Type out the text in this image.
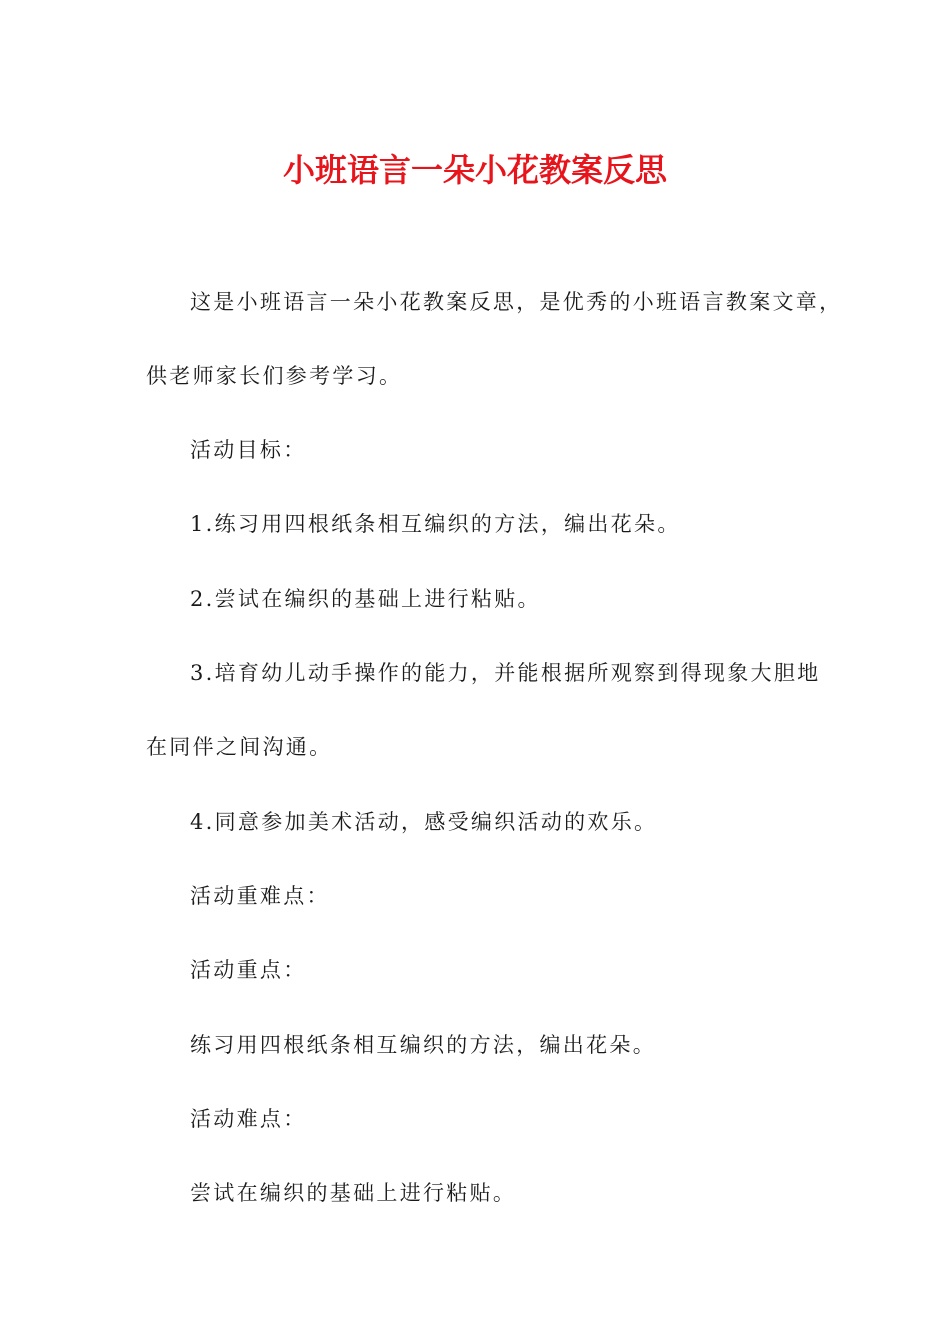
小班语言一朵小花教案反思
这是小班语言一朵小花教案反思，是优秀的小班语言教案文章，
供老师家长们参考学习。
活动目标：
1.练习用四根纸条相互编织的方法，编出花朵。
2.尝试在编织的基础上进行粘贴。
3.培育幼儿动手操作的能力，并能根据所观察到得现象大胆地
在同伴之间沟通。
4.同意参加美术活动，感受编织活动的欢乐。
活动重难点：
活动重点：
练习用四根纸条相互编织的方法，编出花朵。
活动难点：
尝试在编织的基础上进行粘贴。
